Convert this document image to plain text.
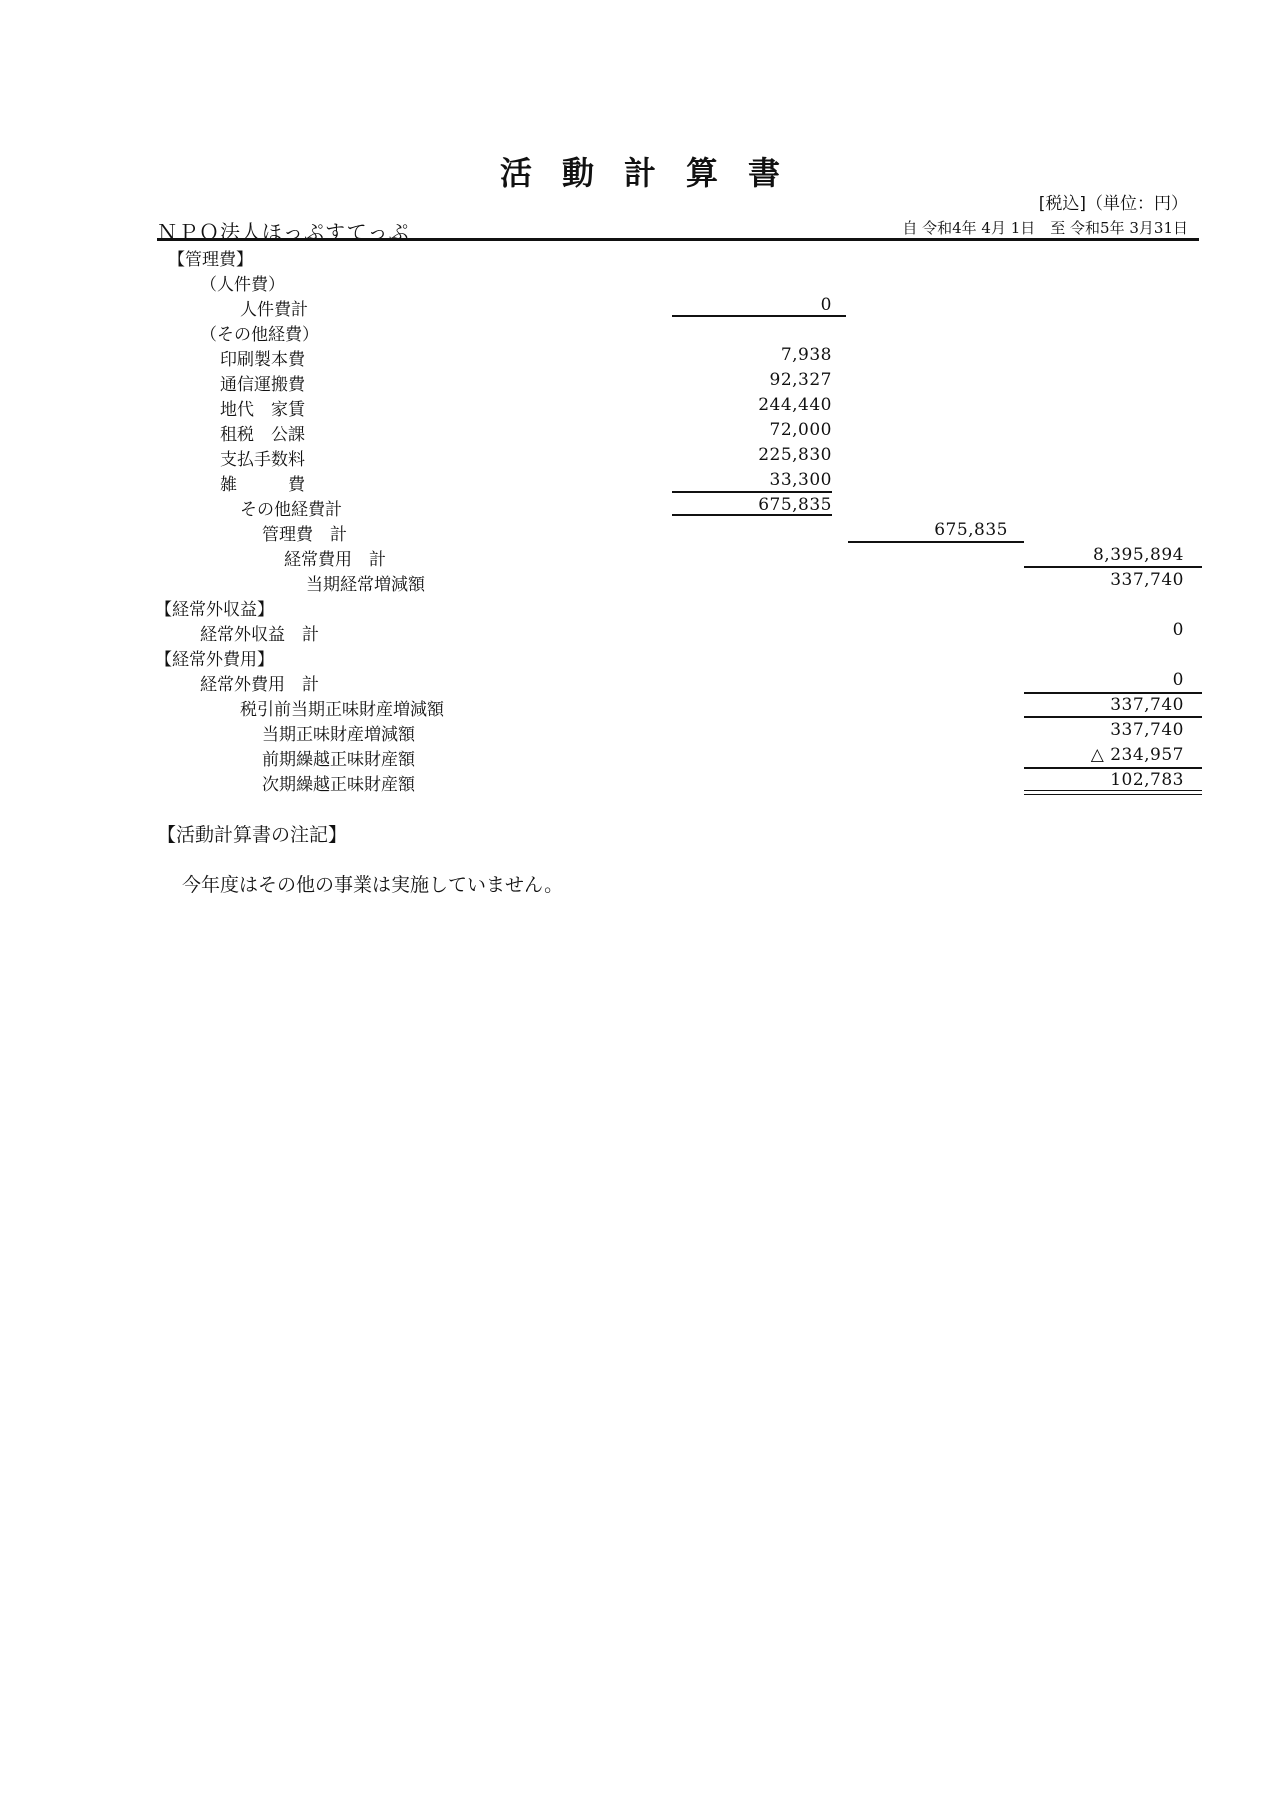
活動計算書
[税込]（単位：円）
ＮＰＯ法人ほっぷすてっぷ	自 令和4年 4月 1日　至 令和5年 3月31日
【管理費】
（人件費）
人件費計	0
（その他経費）
印刷製本費	7,938
通信運搬費	92,327
地代　家賃	244,440
租税　公課	72,000
支払手数料	225,830
雑　　　費	33,300
その他経費計	675,835
管理費　計	675,835
経常費用　計	8,395,894
当期経常増減額	337,740
【経常外収益】
経常外収益　計	0
【経常外費用】
経常外費用　計	0
税引前当期正味財産増減額	337,740
当期正味財産増減額	337,740
前期繰越正味財産額	△ 234,957
次期繰越正味財産額	102,783
【活動計算書の注記】
今年度はその他の事業は実施していません。
